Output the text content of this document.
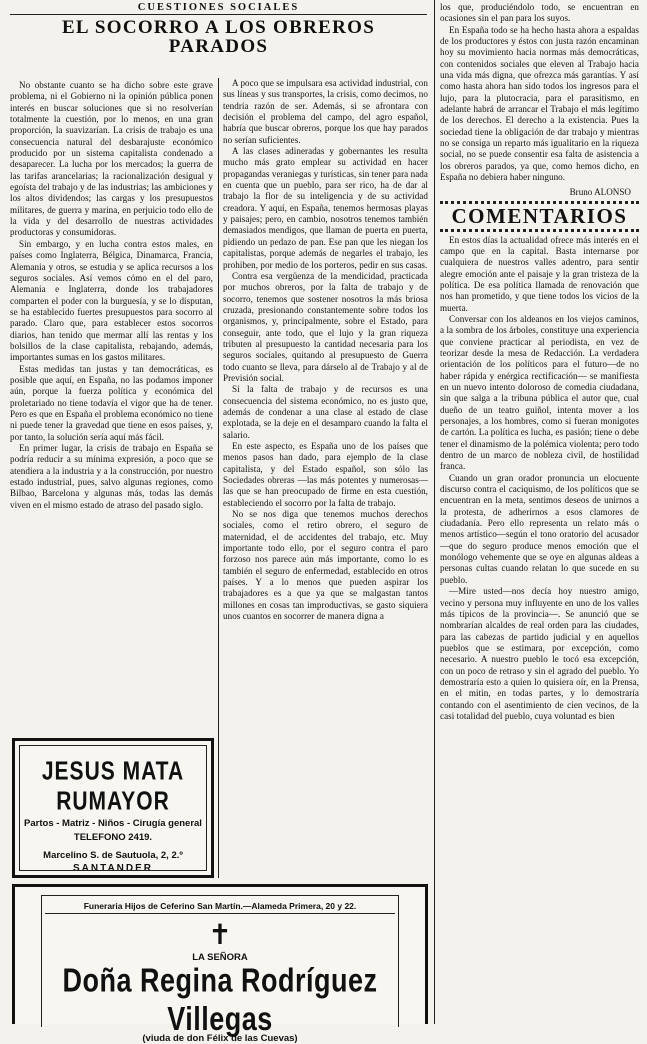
CUESTIONES SOCIALES
EL SOCORRO A LOS OBREROS PARADOS

No obstante cuanto se ha dicho sobre este grave problema, ni el Gobierno ni la opinión pública ponen interés en buscar soluciones que si no resolverían totalmente la cuestión, por lo menos, en una gran proporción, la suavizarían. La crisis de trabajo es una consecuencia natural del desbarajuste económico producido por un sistema capitalista condenado a desaparecer. La lucha por los mercados; la guerra de las tarifas arancelarias; la racionalización desigual y egoísta del trabajo y de las industrias; las ambiciones y los altos dividendos; las cargas y los presupuestos militares, de guerra y marina, en perjuicio todo ello de la vida y del desarrollo de nuestras actividades productoras y consumidoras.

Sin embargo, y en lucha contra estos males, en países como Inglaterra, Bélgica, Dinamarca, Francia, Alemania y otros, se estudia y se aplica recursos a los seguros sociales. Así vemos cómo en el del paro, Alemania e Inglaterra, donde los trabajadores comparten el poder con la burguesía, y se lo disputan, se ha establecido fuertes presupuestos para socorro al parado. Claro que, para establecer estos socorros diarios, han tenido que mermar allí las rentas y los bolsillos de la clase capitalista, rebajando, además, importantes sumas en los gastos militares.

Estas medidas tan justas y tan democráticas, es posible que aquí, en España, no las podamos imponer aún, porque la fuerza política y económica del proletariado no tiene todavía el vigor que ha de tener. Pero es que en España el problema económico no tiene ni puede tener la gravedad que tiene en esos países, y, por tanto, la solución sería aquí más fácil.

En primer lugar, la crisis de trabajo en España se podría reducir a su mínima expresión, a poco que se atendiera a la industria y a la construcción, por nuestro estado industrial, pues, salvo algunas regiones, como Bilbao, Barcelona y algunas más, todas las demás viven en el mismo estado de atraso del pasado siglo.

A poco que se impulsara esa actividad industrial, con sus líneas y sus transportes, la crisis, como decimos, no tendría razón de ser. Además, si se afrontara con decisión el problema del campo, del agro español, habría que buscar obreros, porque los que hay parados no serían suficientes.

A las clases adineradas y gobernantes les resulta mucho más grato emplear su actividad en hacer propagandas veraniegas y turísticas, sin tener para nada en cuenta que un pueblo, para ser rico, ha de dar al trabajo la flor de su inteligencia y de su actividad creadora. Y aquí, en España, tenemos hermosas playas y paisajes; pero, en cambio, nosotros tenemos también demasiados mendigos, que llaman de puerta en puerta, pidiendo un pedazo de pan. Ese pan que les niegan los capitalistas, porque además de negarles el trabajo, les prohiben, por medio de los porteros, pedir en sus casas.

Contra esa vergüenza de la mendicidad, practicada por muchos obreros, por la falta de trabajo y de socorro, tenemos que sostener nosotros la más briosa cruzada, presionando constantemente sobre todos los organismos, y, principalmente, sobre el Estado, para conseguir, ante todo, que el lujo y la gran riqueza tributen al presupuesto la cantidad necesaria para los seguros sociales, quitando al presupuesto de Guerra todo cuanto se lleva, para dárselo al de Trabajo y al de Previsión social.

Si la falta de trabajo y de recursos es una consecuencia del sistema económico, no es justo que, además de condenar a una clase al estado de clase explotada, se la deje en el desamparo cuando la falta el salario.

En este aspecto, es España uno de los países que menos pasos han dado, para ejemplo de la clase capitalista, y del Estado español, son sólo las Sociedades obreras —las más potentes y numerosas— las que se han preocupado de firme en esta cuestión, estableciendo el socorro por la falta de trabajo.

No se nos diga que tenemos muchos derechos sociales, como el retiro obrero, el seguro de maternidad, el de accidentes del trabajo, etc. Muy importante todo ello, por el seguro contra el paro forzoso nos parece aún más importante, como lo es también el seguro de enfermedad, establecido en otros países. Y a lo menos que pueden aspirar los trabajadores es a que ya que se malgastan tantos millones en cosas tan improductivas, se gasto siquiera unos cuantos en socorrer de manera digna a

los que, produciéndolo todo, se encuentran en ocasiones sin el pan para los suyos.

En España todo se ha hecho hasta ahora a espaldas de los productores y éstos con justa razón encaminan hoy su movimiento hacia normas más democráticas, con contenidos sociales que eleven al Trabajo hacia una vida más digna, que ofrezca más garantías. Y así como hasta ahora han sido todos los ingresos para el lujo, para la plutocracia, para el parasitismo, en adelante habrá de arrancar el Trabajo el más legítimo de los derechos. El derecho a la existencia. Pues la sociedad tiene la obligación de dar trabajo y mientras no se consiga un reparto más igualitario en la riqueza social, no se puede consentir esa falta de asistencia a los obreros parados, ya que, como hemos dicho, en España no debiera haber ninguno.

Bruno ALONSO
COMENTARIOS

En estos días la actualidad ofrece más interés en el campo que en la capital. Basta internarse por cualquiera de nuestros valles adentro, para sentir alegre emoción ante el paisaje y la gran tristeza de la política. De esa política llamada de renovación que nos han prometido, y que tiene todos los vicios de la muerta.

Conversar con los aldeanos en los viejos caminos, a la sombra de los árboles, constituye una experiencia que conviene practicar al periodista, en vez de teorizar desde la mesa de Redacción. La verdadera orientación de los políticos para el futuro—de no haber rápida y enérgica rectificación— se manifiesta en un nuevo intento doloroso de comedia ciudadana, sin que salga a la tribuna pública el autor que, cual dueño de un teatro guiñol, intenta mover a los personajes, a los hombres, como si fueran monigotes de cartón. La política es lucha, es pasión; tiene o debe tener el dinamismo de la polémica violenta; pero todo dentro de un marco de nobleza civil, de hostilidad franca.

Cuando un gran orador pronuncia un elocuente discurso contra el caciquismo, de los políticos que se encuentran en la meta, sentimos deseos de unirnos a la protesta, de adherirnos a esos clamores de ciudadanía. Pero ello representa un relato más o menos artístico—según el tono oratorio del acusador—que do seguro produce menos emoción que el monólogo vehemente que se oye en algunas aldeas a personas cultas cuando relatan lo que sucede en su pueblo.

—Mire usted—nos decía hoy nuestro amigo, vecino y persona muy influyente en uno de los valles más típicos de la provincia—. Se anunció que se nombrarían alcaldes de real orden para las ciudades, para las cabezas de partido judicial y en aquellos pueblos que se estimara, por excepción, como necesario. A nuestro pueblo le tocó esa excepción, con un poco de retraso y sin el agrado del pueblo. Yo demostraría esto a quien lo quisiera oír, en la Prensa, en el mitin, en todas partes, y lo demostraría contando con el asentimiento de cien vecinos, de la casi totalidad del pueblo, cuya voluntad es bien

JESUS MATA RUMAYOR
Partos - Matriz - Niños - Cirugía general
TELEFONO 2419.
Marcelino S. de Sautuola, 2, 2.º
SANTANDER
Funeraria Hijos de Ceferino San Martín.—Alameda Primera, 20 y 22.
✝
LA SEÑORA
Doña Regina Rodríguez Villegas
(viuda de don Félix de las Cuevas)
